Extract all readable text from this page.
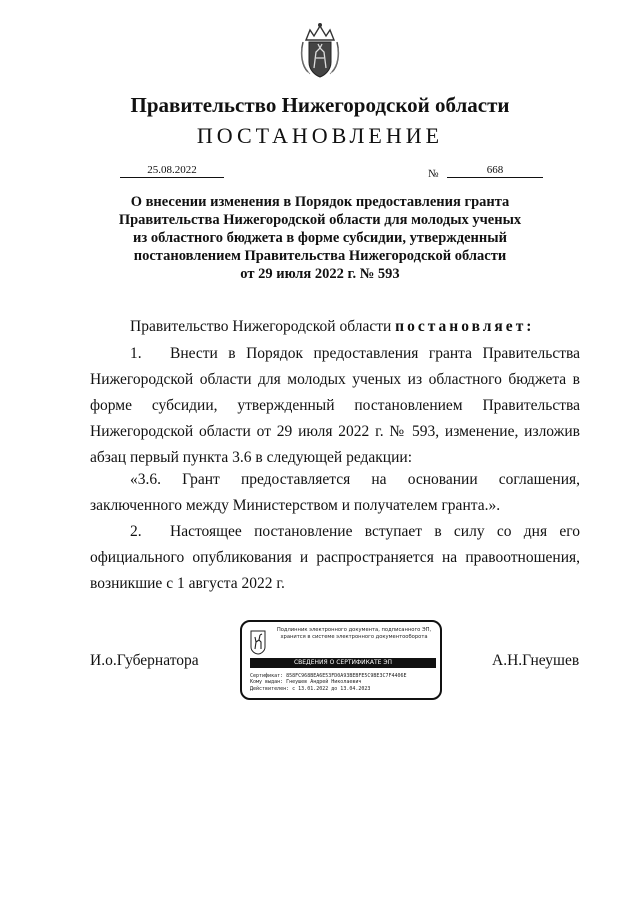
Правительство Нижегородской области
ПОСТАНОВЛЕНИЕ
25.08.2022	№	668
О внесении изменения в Порядок предоставления гранта
Правительства Нижегородской области для молодых ученых
из областного бюджета в форме субсидии, утвержденный
постановлением Правительства Нижегородской области
от 29 июля 2022 г. № 593
Правительство Нижегородской области постановляет:
1. Внести в Порядок предоставления гранта Правительства Нижегородской области для молодых ученых из областного бюджета в форме субсидии, утвержденный постановлением Правительства Нижегородской области от 29 июля 2022 г. № 593, изменение, изложив абзац первый пункта 3.6 в следующей редакции:
«3.6. Грант предоставляется на основании соглашения, заключенного между Министерством и получателем гранта.».
2. Настоящее постановление вступает в силу со дня его официального опубликования и распространяется на правоотношения, возникшие с 1 августа 2022 г.
И.о.Губернатора
Подлинник электронного документа, подписанного ЭП,
хранится в системе электронного документооборота
СВЕДЕНИЯ О СЕРТИФИКАТЕ ЭП
Сертификат: 858FC968BEA6E53FD0A93BEBFE5C9BE3C7F4406E
Кому выдан: Гнеушев Андрей Николаевич
Действителен: с 13.01.2022 до 13.04.2023
А.Н.Гнеушев
